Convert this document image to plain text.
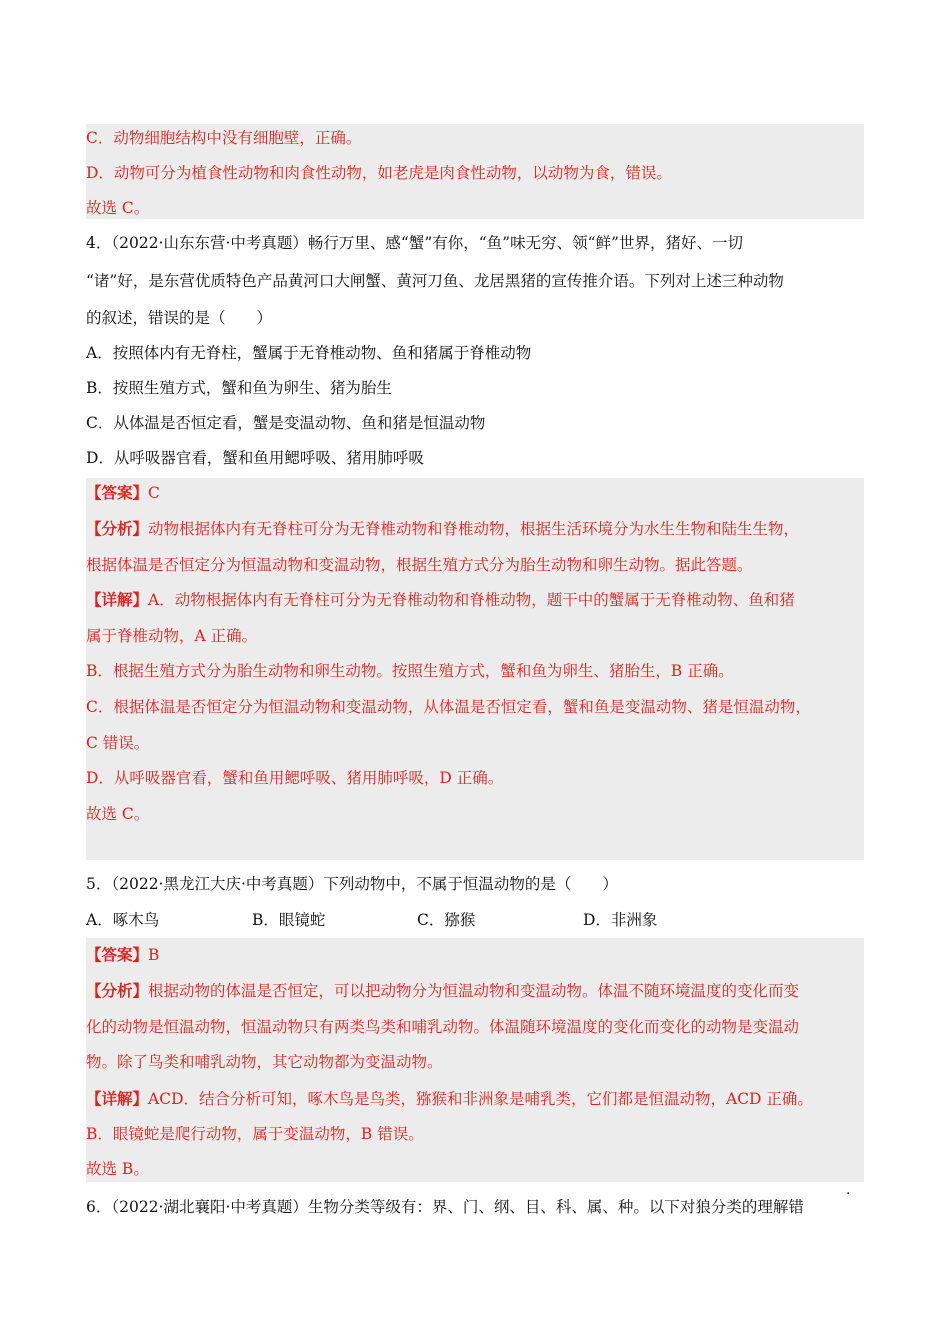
C．动物细胞结构中没有细胞壁，正确。
D．动物可分为植食性动物和肉食性动物，如老虎是肉食性动物，以动物为食，错误。
故选 C。
4．（2022·山东东营·中考真题）畅行万里、感“蟹”有你，“鱼”味无穷、领“鲜”世界，猪好、一切
“诸”好，是东营优质特色产品黄河口大闸蟹、黄河刀鱼、龙居黑猪的宣传推介语。下列对上述三种动物
的叙述，错误的是（　　）
A．按照体内有无脊柱，蟹属于无脊椎动物、鱼和猪属于脊椎动物
B．按照生殖方式，蟹和鱼为卵生、猪为胎生
C．从体温是否恒定看，蟹是变温动物、鱼和猪是恒温动物
D．从呼吸器官看，蟹和鱼用鳃呼吸、猪用肺呼吸
【答案】C
【分析】动物根据体内有无脊柱可分为无脊椎动物和脊椎动物，根据生活环境分为水生生物和陆生生物，
根据体温是否恒定分为恒温动物和变温动物，根据生殖方式分为胎生动物和卵生动物。据此答题。
【详解】A．动物根据体内有无脊柱可分为无脊椎动物和脊椎动物，题干中的蟹属于无脊椎动物、鱼和猪
属于脊椎动物，A 正确。
B．根据生殖方式分为胎生动物和卵生动物。按照生殖方式，蟹和鱼为卵生、猪胎生，B 正确。
C．根据体温是否恒定分为恒温动物和变温动物，从体温是否恒定看，蟹和鱼是变温动物、猪是恒温动物，
C 错误。
D．从呼吸器官看，蟹和鱼用鳃呼吸、猪用肺呼吸，D 正确。
故选 C。
5．（2022·黑龙江大庆·中考真题）下列动物中，不属于恒温动物的是（　　）
A．啄木鸟	B．眼镜蛇	C．猕猴	D．非洲象
【答案】B
【分析】根据动物的体温是否恒定，可以把动物分为恒温动物和变温动物。体温不随环境温度的变化而变
化的动物是恒温动物，恒温动物只有两类鸟类和哺乳动物。体温随环境温度的变化而变化的动物是变温动
物。除了鸟类和哺乳动物，其它动物都为变温动物。
【详解】ACD．结合分析可知，啄木鸟是鸟类，猕猴和非洲象是哺乳类，它们都是恒温动物，ACD 正确。
B．眼镜蛇是爬行动物，属于变温动物，B 错误。
故选 B。
6．（2022·湖北襄阳·中考真题）生物分类等级有：界、门、纲、目、科、属、种。以下对狼分类的理解错
·
